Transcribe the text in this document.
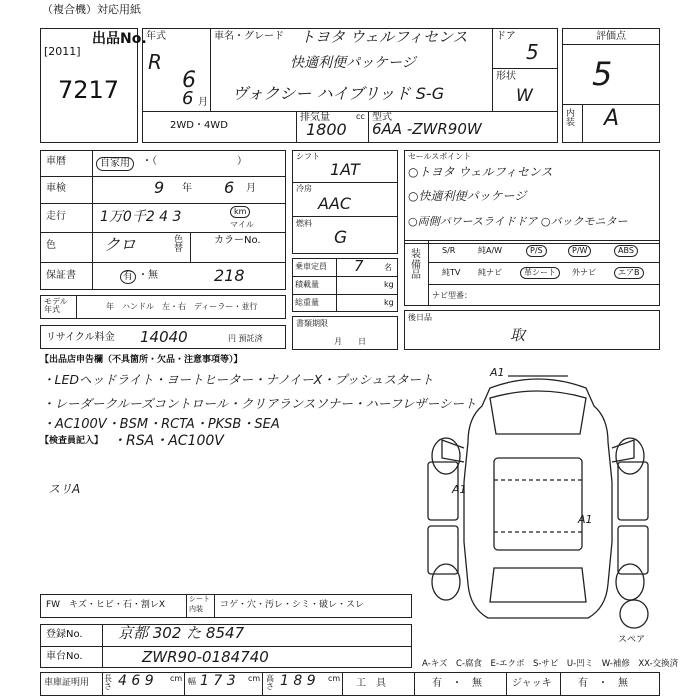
（複合機）対応用紙
出品No.
[2011]
7217
年式
R
6
6 月
車名・グレード トヨタ ウェルフィセンス
快適利便パッケージ
ヴォクシー ハイブリッド S-G
ドア
5
形状
W
2WD・4WD
排気量
1800
cc 型式
6AA -ZWR90W
評価点
5
内装 A
車暦	自家用	・（　　　　　　　　）
車検	9 年 6 月
走行 1万0千2 4 3	km
マイル
色	クロ	色替
カラーNo.
218
保証書	有 ・無
モデル年式	年　ハンドル　左・右　ディーラー・並行
リサイクル料金 14040	円 預託済
シフト
1AT
冷房
AAC
燃料
G
乗車定員 7	名
積載量	kg
総重量	kg
書類期限
月　　日
セールスポイント
○トヨタ ウェルフィセンス
○快適利便パッケージ
○両側パワースライドドア ○バックモニター
装備品
S/R	純A/W	P/S	P/W	ABS
純TV 純ナビ	革シート	外ナビ	エアB
ナビ型番：
後日品
取
【出品店申告欄（不具箇所・欠品・注意事項等）】
・LEDヘッドライト・ヨートヒーター・ナノイーX・プッシュスタート
・レーダークルーズコントロール・クリアランスソナー・ハーフレザーシート
・AC100V・BSM・RCTA・PKSB・SEA
【検査員記入】 ・RSA・AC100V
スリA
A1
A1
A1
スペア
FW　キズ・ヒビ・石・割レX
シート
内装 コゲ・穴・汚レ・シミ・破レ・スレ
登録No. 京都 302 た 8547
車台No.	ZWR90-0184740	A-キズ　C-腐食　E-エクボ　S-サビ　U-凹ミ　W-補修　XX-交換済
車庫証明用 長さ 4 6 9 cm 幅 1 7 3 cm 高さ 1 8 9 cm 工　具	有　・　無	ジャッキ	有　・　無
